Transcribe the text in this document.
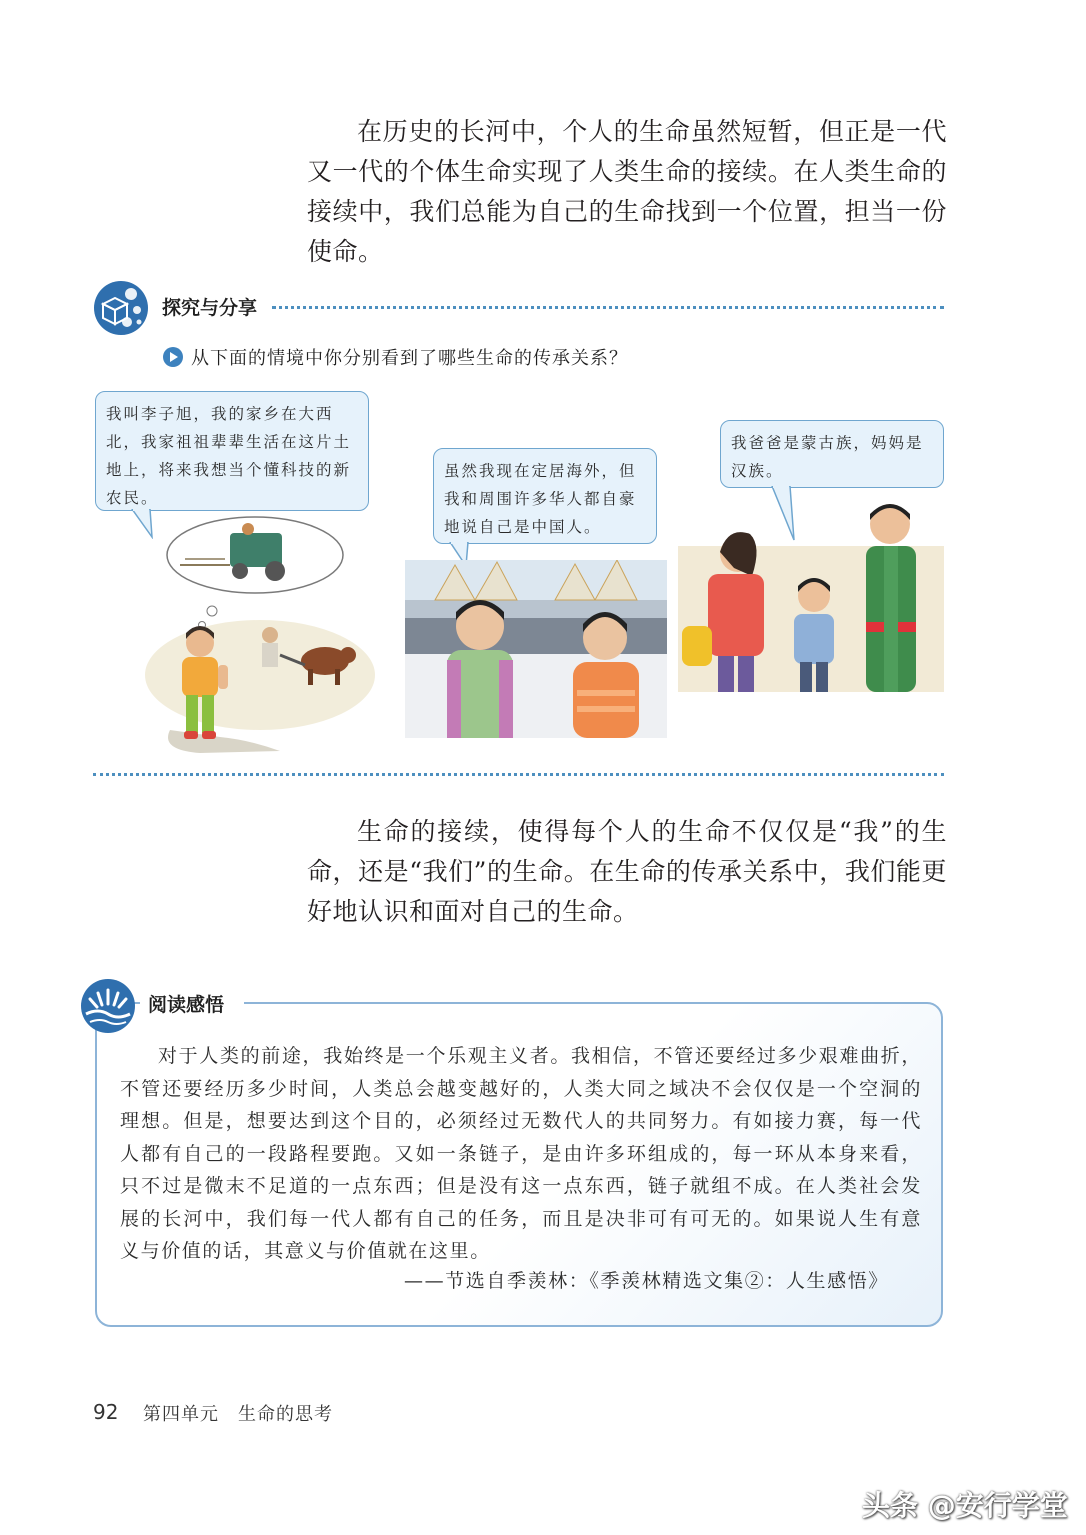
在历史的长河中，个人的生命虽然短暂，但正是一代又一代的个体生命实现了人类生命的接续。在人类生命的接续中，我们总能为自己的生命找到一个位置，担当一份使命。

探究与分享
从下面的情境中你分别看到了哪些生命的传承关系？
我叫李子旭，我的家乡在大西北，我家祖祖辈辈生活在这片土地上，将来我想当个懂科技的新农民。
虽然我现在定居海外，但我和周围许多华人都自豪地说自己是中国人。
我爸爸是蒙古族，妈妈是汉族。

生命的接续，使得每个人的生命不仅仅是“我”的生命，还是“我们”的生命。在生命的传承关系中，我们能更好地认识和面对自己的生命。

阅读感悟

对于人类的前途，我始终是一个乐观主义者。我相信，不管还要经过多少艰难曲折，不管还要经历多少时间，人类总会越变越好的，人类大同之域决不会仅仅是一个空洞的理想。但是，想要达到这个目的，必须经过无数代人的共同努力。有如接力赛，每一代人都有自己的一段路程要跑。又如一条链子，是由许多环组成的，每一环从本身来看，只不过是微末不足道的一点东西；但是没有这一点东西，链子就组不成。在人类社会发展的长河中，我们每一代人都有自己的任务，而且是决非可有可无的。如果说人生有意义与价值的话，其意义与价值就在这里。

——节选自季羡林：《季羡林精选文集②：人生感悟》
92 第四单元　生命的思考
头条 @安行学堂
